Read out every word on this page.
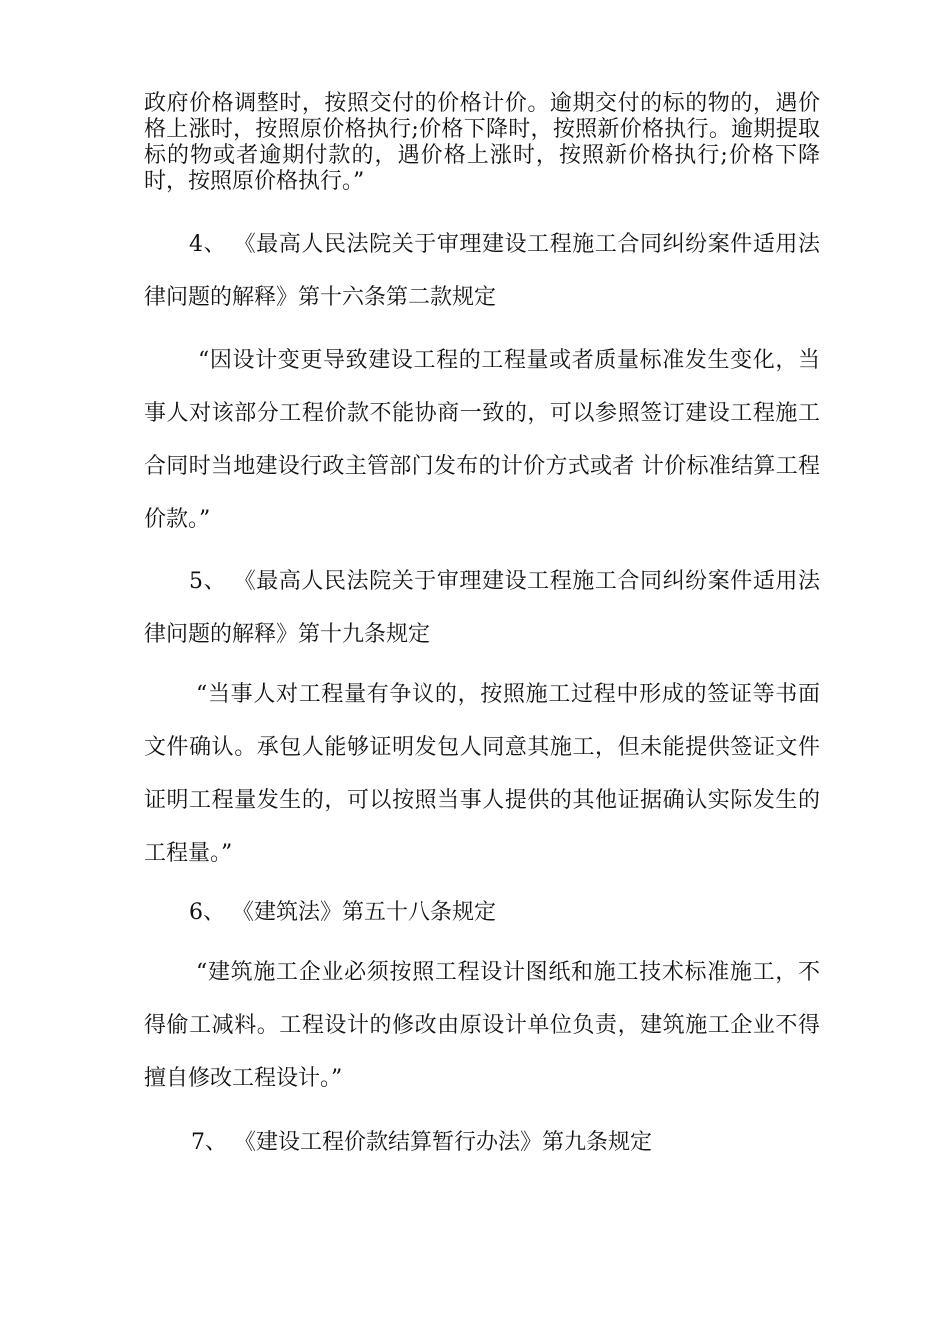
政府价格调整时，按照交付的价格计价。逾期交付的标的物的，遇价格上涨时，按照原价格执行;价格下降时，按照新价格执行。逾期提取标的物或者逾期付款的，遇价格上涨时，按照新价格执行;价格下降时，按照原价格执行。”

4、 《最高人民法院关于审理建设工程施工合同纠纷案件适用法律问题的解释》第十六条第二款规定

“因设计变更导致建设工程的工程量或者质量标准发生变化，当事人对该部分工程价款不能协商一致的，可以参照签订建设工程施工合同时当地建设行政主管部门发布的计价方式或者 计价标准结算工程价款。”

5、 《最高人民法院关于审理建设工程施工合同纠纷案件适用法律问题的解释》第十九条规定

“当事人对工程量有争议的，按照施工过程中形成的签证等书面文件确认。承包人能够证明发包人同意其施工，但未能提供签证文件证明工程量发生的，可以按照当事人提供的其他证据确认实际发生的工程量。”

6、 《建筑法》第五十八条规定

“建筑施工企业必须按照工程设计图纸和施工技术标准施工，不得偷工减料。工程设计的修改由原设计单位负责，建筑施工企业不得擅自修改工程设计。”

7、 《建设工程价款结算暂行办法》第九条规定
